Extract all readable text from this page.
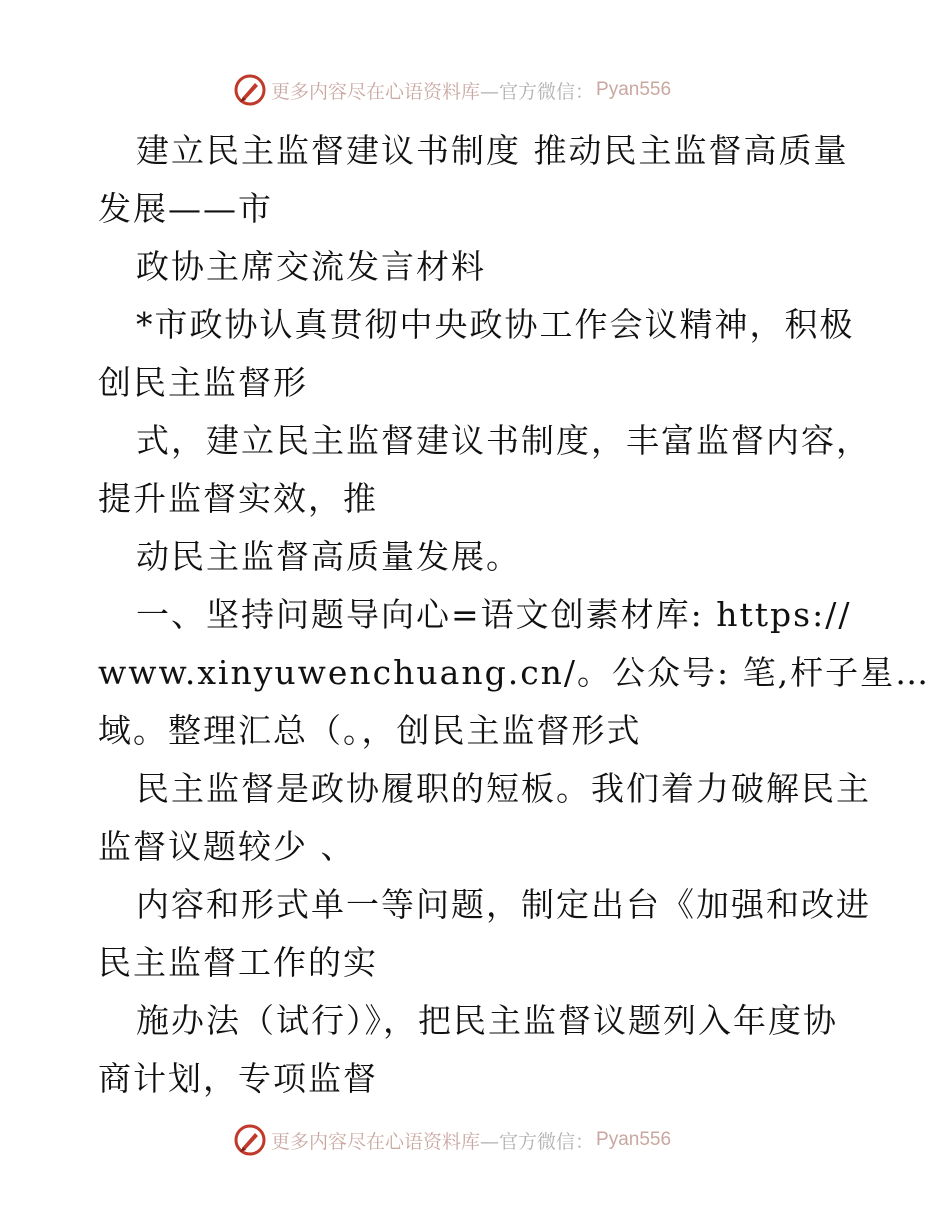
更多内容尽在心语资料库 —官方微信： Pyan556
建立民主监督建议书制度 推动民主监督高质量
发展——市
政协主席交流发言材料
*市政协认真贯彻中央政协工作会议精神，积极
创民主监督形
式，建立民主监督建议书制度，丰富监督内容，
提升监督实效，推
动民主监督高质量发展。
一、坚持问题导向心=语文创素材库: https://
www.xinyuwenchuang.cn/。公众号: 笔,杆子星…
域。整理汇总（。，创民主监督形式
民主监督是政协履职的短板。我们着力破解民主
监督议题较少 、
内容和形式单一等问题，制定出台《加强和改进
民主监督工作的实
施办法（试行）》，把民主监督议题列入年度协
商计划，专项监督
更多内容尽在心语资料库 —官方微信： Pyan556
